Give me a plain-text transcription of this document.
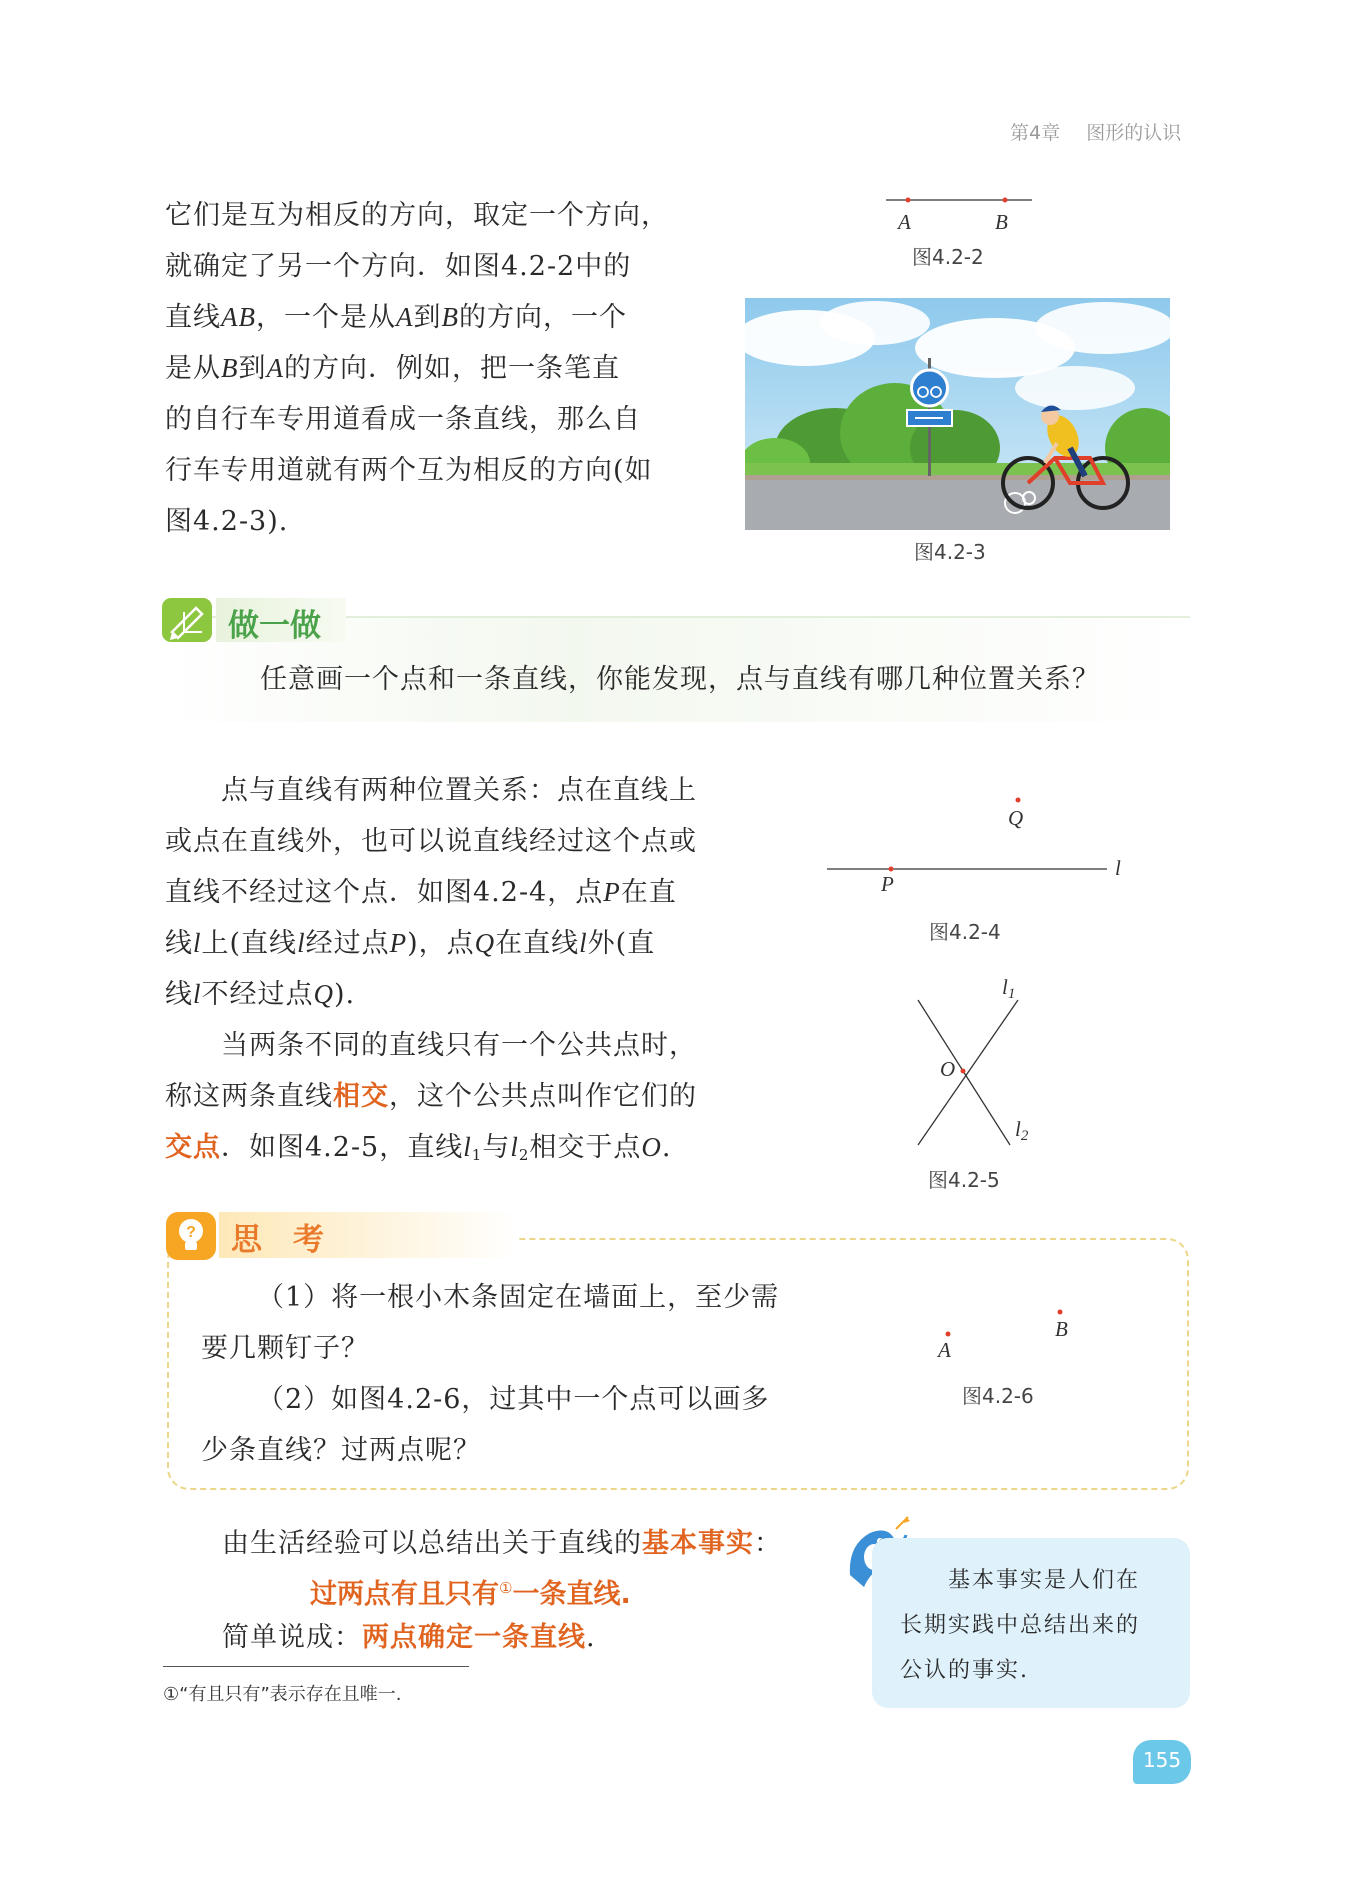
第4章 图形的认识
它们是互为相反的方向，取定一个方向，
就确定了另一个方向．如图4.2-2中的
直线AB，一个是从A到B的方向，一个
是从B到A的方向．例如，把一条笔直
的自行车专用道看成一条直线，那么自
行车专用道就有两个互为相反的方向(如
图4.2-3).
A	B
图4.2-2
图4.2-3
做一做
任意画一个点和一条直线，你能发现，点与直线有哪几种位置关系？
点与直线有两种位置关系：点在直线上
或点在直线外，也可以说直线经过这个点或
直线不经过这个点．如图4.2-4，点P在直
线l上(直线l经过点P)，点Q在直线l外(直
线l不经过点Q).
当两条不同的直线只有一个公共点时，
称这两条直线相交，这个公共点叫作它们的
交点．如图4.2-5，直线$l_1$与$l_2$相交于点O.
P
Q
l
图4.2-4
O
$l_1$
$l_2$
图4.2-5
? 思　考
（1）将一根小木条固定在墙面上，至少需
要几颗钉子？
（2）如图4.2-6，过其中一个点可以画多
少条直线？过两点呢？
A
B
图4.2-6
由生活经验可以总结出关于直线的基本事实：
过两点有且只有①一条直线.
简单说成：两点确定一条直线.
①“有且只有”表示存在且唯一.
基本事实是人们在
长期实践中总结出来的
公认的事实.
155
